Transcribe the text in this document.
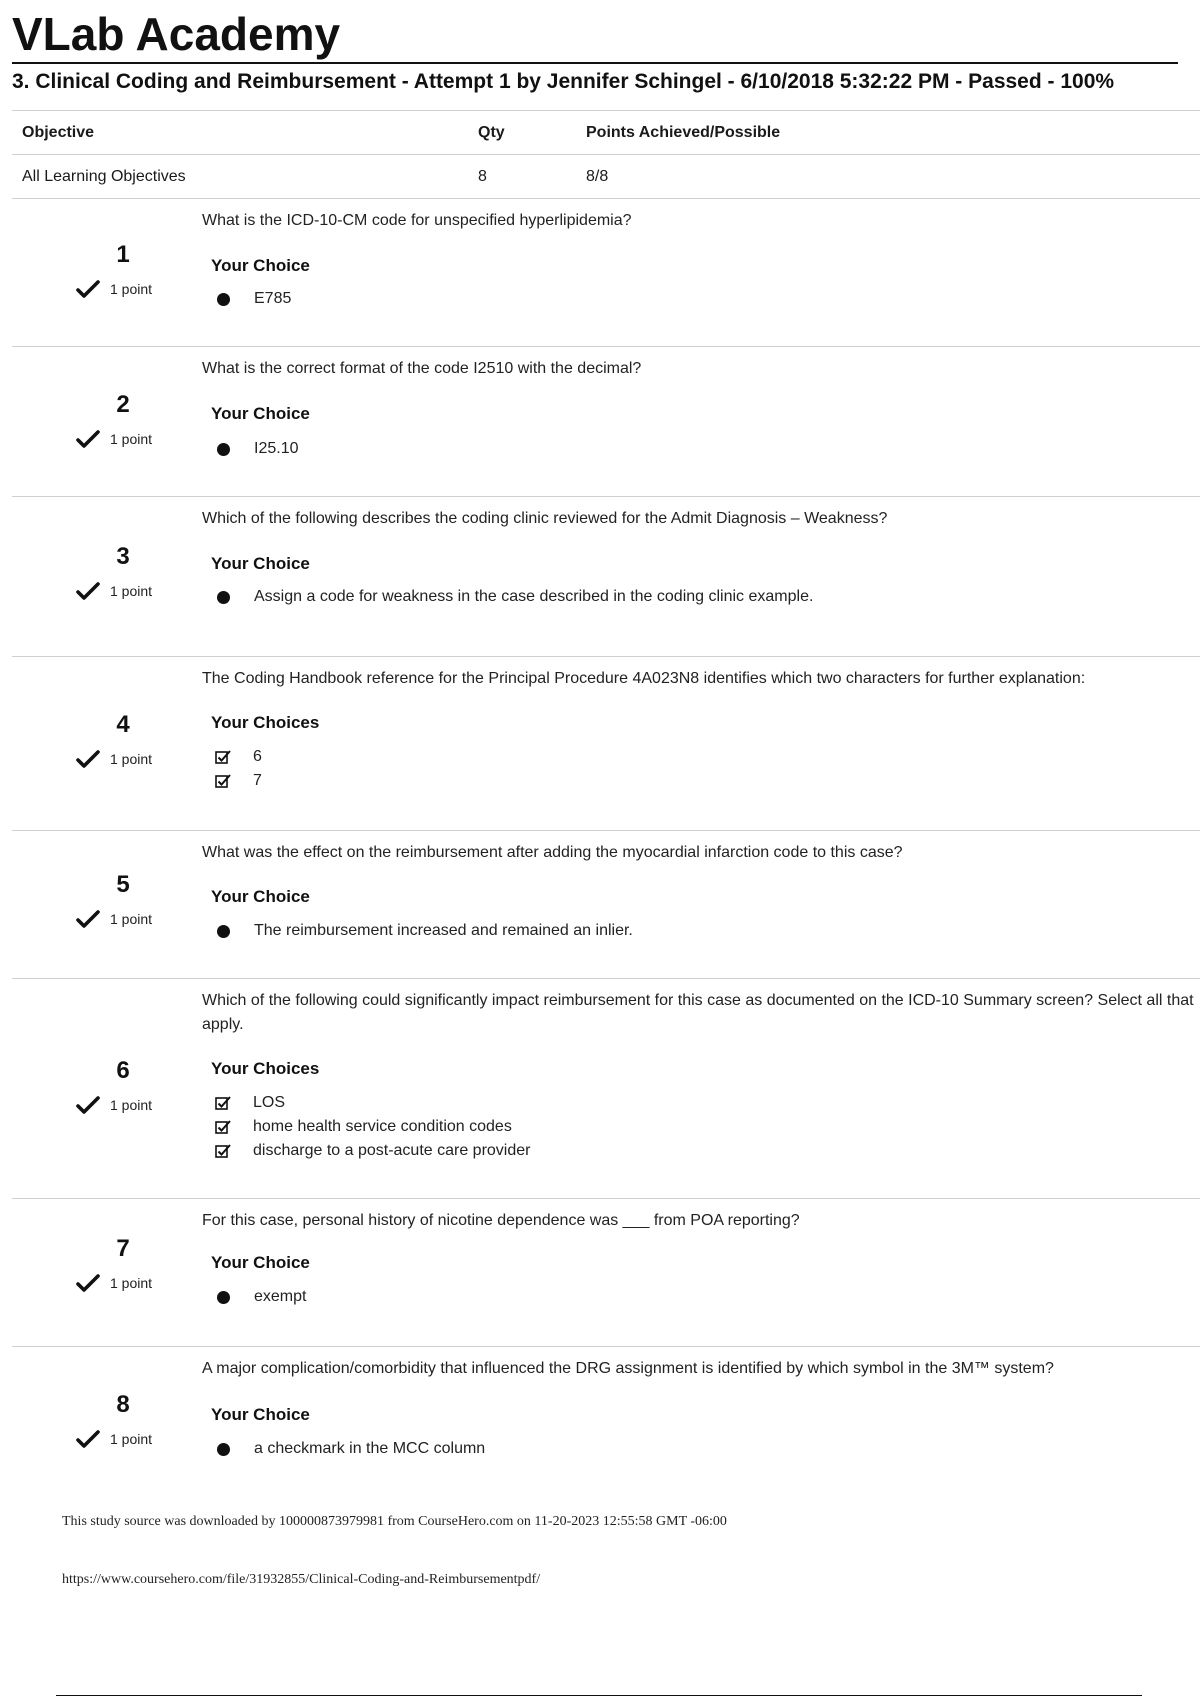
VLab Academy
3. Clinical Coding and Reimbursement - Attempt 1 by Jennifer Schingel - 6/10/2018 5:32:22 PM - Passed - 100%
Objective	Qty	Points Achieved/Possible
All Learning Objectives	8	8/8
What is the ICD-10-CM code for unspecified hyperlipidemia?
1
1 point
Your Choice
E785
What is the correct format of the code I2510 with the decimal?
2
1 point
Your Choice
I25.10
Which of the following describes the coding clinic reviewed for the Admit Diagnosis – Weakness?
3
1 point
Your Choice
Assign a code for weakness in the case described in the coding clinic example.
The Coding Handbook reference for the Principal Procedure 4A023N8 identifies which two characters for further explanation:
4
1 point
Your Choices
6
7
What was the effect on the reimbursement after adding the myocardial infarction code to this case?
5
1 point
Your Choice
The reimbursement increased and remained an inlier.
Which of the following could significantly impact reimbursement for this case as documented on the ICD-10 Summary screen? Select all that apply.
6
1 point
Your Choices
LOS
home health service condition codes
discharge to a post-acute care provider
For this case, personal history of nicotine dependence was ___ from POA reporting?
7
1 point
Your Choice
exempt
A major complication/comorbidity that influenced the DRG assignment is identified by which symbol in the 3M™ system?
8
1 point
Your Choice
a checkmark in the MCC column
This study source was downloaded by 100000873979981 from CourseHero.com on 11-20-2023 12:55:58 GMT -06:00
https://www.coursehero.com/file/31932855/Clinical-Coding-and-Reimbursementpdf/
